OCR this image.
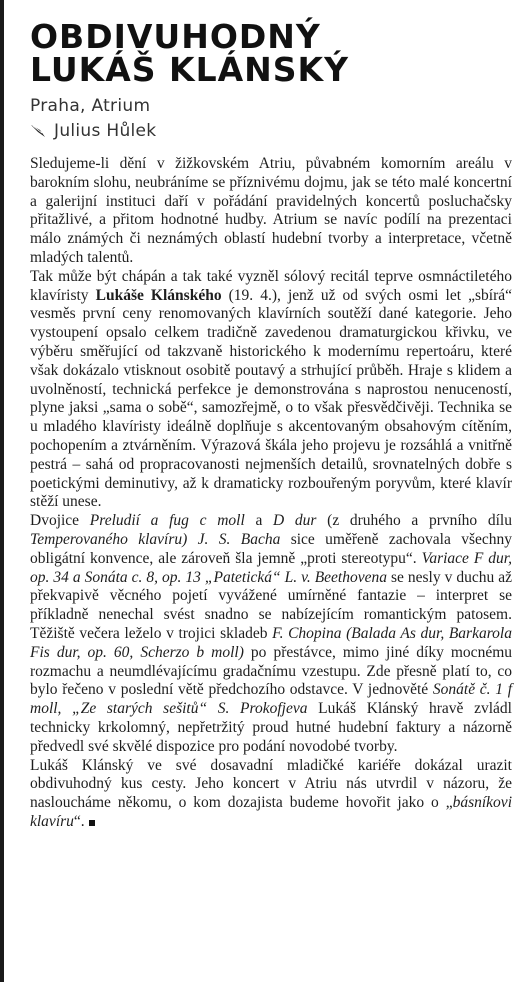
OBDIVUHODNÝ
LUKÁŠ KLÁNSKÝ
Praha, Atrium
Julius Hůlek

Sledujeme-li dění v žižkovském Atriu, půvabném komorním areálu v barokním slohu, neubráníme se příznivému dojmu, jak se této malé koncertní a galerijní instituci daří v pořádání pravidelných koncertů posluchačsky přitažlivé, a přitom hodnotné hudby. Atrium se navíc podílí na prezentaci málo známých či neznámých oblastí hudební tvorby a interpretace, včetně mladých talentů.

Tak může být chápán a tak také vyzněl sólový recitál teprve osmnáctiletého klavíristy Lukáše Klánského (19. 4.), jenž už od svých osmi let „sbírá“ vesměs první ceny renomovaných klavírních soutěží dané kategorie. Jeho vystoupení opsalo celkem tradičně zavedenou dramaturgickou křivku, ve výběru směřující od takzvaně historického k modernímu repertoáru, které však dokázalo vtisknout osobitě poutavý a strhující průběh. Hraje s klidem a uvolněností, technická perfekce je demonstrována s naprostou nenuceností, plyne jaksi „sama o sobě“, samozřejmě, o to však přesvědčivěji. Technika se u mladého klavíristy ideálně doplňuje s akcentovaným obsahovým cítěním, pochopením a ztvárněním. Výrazová škála jeho projevu je rozsáhlá a vnitřně pestrá – sahá od propracovanosti nejmenších detailů, srovnatelných dobře s poetickými deminutivy, až k dramaticky rozbouřeným poryvům, které klavír stěží unese.

Dvojice Preludií a fug c moll a D dur (z druhého a prvního dílu Temperovaného klavíru) J. S. Bacha sice uměřeně zachovala všechny obligátní konvence, ale zároveň šla jemně „proti stereotypu“. Variace F dur, op. 34 a Sonáta c. 8, op. 13 „Patetická“ L. v. Beethovena se nesly v duchu až překvapivě věcného pojetí vyvážené umírněné fantazie – interpret se příkladně nenechal svést snadno se nabízejícím romantickým patosem. Těžiště večera leželo v trojici skladeb F. Chopina (Balada As dur, Barkarola Fis dur, op. 60, Scherzo b moll) po přestávce, mimo jiné díky mocnému rozmachu a neumdlévajícímu gradačnímu vzestupu. Zde přesně platí to, co bylo řečeno v poslední větě předchozího odstavce. V jednověté Sonátě č. 1 f moll, „Ze starých sešitů“ S. Prokofjeva Lukáš Klánský hravě zvládl technicky krkolomný, nepřetržitý proud hutné hudební faktury a názorně předvedl své skvělé dispozice pro podání novodobé tvorby.

Lukáš Klánský ve své dosavadní mladičké kariéře dokázal urazit obdivuhodný kus cesty. Jeho koncert v Atriu nás utvrdil v názoru, že nasloucháme někomu, o kom dozajista budeme hovořit jako o „básníkovi klavíru“.
